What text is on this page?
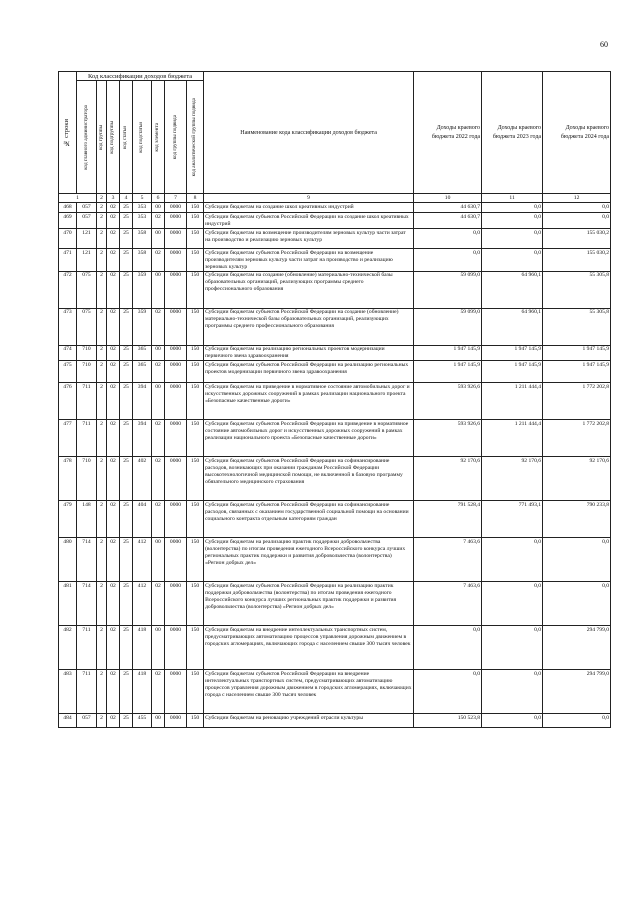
60
№ строки	Код классификации доходов бюджета								Наименование кода классификации доходов бюджета	Доходы краевого бюджета 2022 года	Доходы краевого бюджета 2023 года	Доходы краевого бюджета 2024 года

	код главного администратора	код группы	код подгруппы	код статьи	код подстатьи	код элемента	код группы подвида	код аналитической группы подвида				

1		2	3	4	5	6	7	8	9	10	11	12
468	057	2	02	25	353	00	0000	150	Субсидии бюджетам на создание школ креативных индустрий	44 630,7	0,0	0,0
469	057	2	02	25	353	02	0000	150	Субсидии бюджетам субъектов Российской Федерации на создание школ креативных индустрий	44 630,7	0,0	0,0
470	121	2	02	25	358	00	0000	150	Субсидии бюджетам на возмещение производителям зерновых культур части затрат на производство и реализацию зерновых культур	0,0	0,0	155 030,2
471	121	2	02	25	358	02	0000	150	Субсидии бюджетам субъектов Российской Федерации на возмещение производителям зерновых культур части затрат на производство и реализацию зерновых культур	0,0	0,0	155 030,2
472	075	2	02	25	359	00	0000	150	Субсидии бюджетам на создание (обновление) материально-технической базы образовательных организаций, реализующих программы среднего профессионального образования	59 099,0	64 960,1	55 305,8
473	075	2	02	25	359	02	0000	150	Субсидии бюджетам субъектов Российской Федерации на создание (обновление) материально-технической базы образовательных организаций, реализующих программы среднего профессионального образования	59 099,0	64 960,1	55 305,8
474	710	2	02	25	365	00	0000	150	Субсидии бюджетам на реализацию региональных проектов модернизации первичного звена здравоохранения	1 947 145,9	1 947 145,9	1 947 145,9
475	710	2	02	25	365	02	0000	150	Субсидии бюджетам субъектов Российской Федерации на реализацию региональных проектов модернизации первичного звена здравоохранения	1 947 145,9	1 947 145,9	1 947 145,9
476	711	2	02	25	394	00	0000	150	Субсидии бюджетам на приведение в нормативное состояние автомобильных дорог и искусственных дорожных сооружений в рамках реализации национального проекта «Безопасные качественные дороги»	593 926,6	1 211 444,4	1 772 202,8
477	711	2	02	25	394	02	0000	150	Субсидии бюджетам субъектов Российской Федерации на приведение в нормативное состояние автомобильных дорог и искусственных дорожных сооружений в рамках реализации национального проекта «Безопасные качественные дороги»	593 926,6	1 211 444,4	1 772 202,8
478	710	2	02	25	402	02	0000	150	Субсидии бюджетам субъектов Российской Федерации на софинансирование расходов, возникающих при оказании гражданам Российской Федерации высокотехнологичной медицинской помощи, не включенной в базовую программу обязательного медицинского страхования	92 170,6	92 170,6	92 170,6
479	148	2	02	25	404	02	0000	150	Субсидии бюджетам субъектов Российской Федерации на софинансирование расходов, связанных с оказанием государственной социальной помощи на основании социального контракта отдельным категориям граждан	791 528,4	771 493,1	790 233,8
480	714	2	02	25	412	00	0000	150	Субсидии бюджетам на реализацию практик поддержки добровольчества (волонтерства) по итогам проведения ежегодного Всероссийского конкурса лучших региональных практик поддержки и развития добровольчества (волонтерства) «Регион добрых дел»	7 463,6	0,0	0,0
481	714	2	02	25	412	02	0000	150	Субсидии бюджетам субъектов Российской Федерации на реализацию практик поддержки добровольчества (волонтерства) по итогам проведения ежегодного Всероссийского конкурса лучших региональных практик поддержки и развития добровольчества (волонтерства) «Регион добрых дел»	7 463,6	0,0	0,0
482	711	2	02	25	418	00	0000	150	Субсидии бюджетам на внедрение интеллектуальных транспортных систем, предусматривающих автоматизацию процессов управления дорожным движением в городских агломерациях, включающих города с населением свыше 300 тысяч человек	0,0	0,0	294 799,0
483	711	2	02	25	418	02	0000	150	Субсидии бюджетам субъектов Российской Федерации на внедрение интеллектуальных транспортных систем, предусматривающих автоматизацию процессов управления дорожным движением в городских агломерациях, включающих города с населением свыше 300 тысяч человек	0,0	0,0	294 799,0
484	057	2	02	25	455	00	0000	150	Субсидии бюджетам на реновацию учреждений отрасли культуры	150 523,8	0,0	0,0
